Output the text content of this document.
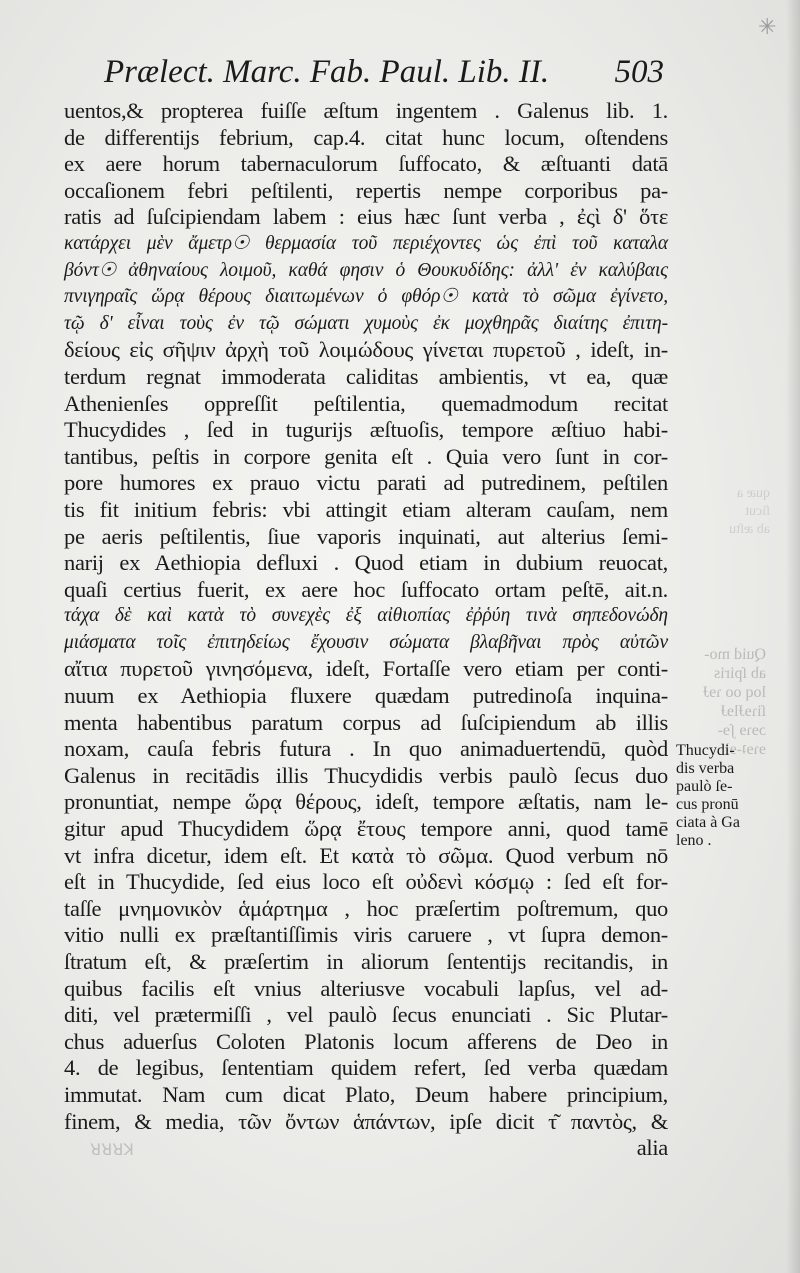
✳
Prælect. Marc. Fab. Paul. Lib. II. 503
uentos,& propterea fuiſſe æſtum ingentem . Galenus lib. 1.
de differentijs febrium, cap.4. citat hunc locum, oſtendens
ex aere horum tabernaculorum ſuffocato, & æſtuanti datā
occaſionem febri peſtilenti, repertis nempe corporibus pa-
ratis ad ſuſcipiendam labem : eius hæc ſunt verba , ἐςὶ δ' ὅτε
κατάρχει μὲν ἄμετρ☉ θερμασία τοῦ περιέχοντες ὡς ἐπὶ τοῦ καταλα
βόντ☉ ἀθηναίους λοιμοῦ, καθά φησιν ὁ Θουκυδίδης: ἀλλ' ἐν καλύβαις
πνιγηραῖς ὥρᾳ θέρους διαιτωμένων ὁ φθόρ☉ κατὰ τὸ σῶμα ἐγίνετο,
τῷ δ' εἶναι τοὺς ἐν τῷ σώματι χυμοὺς ἐκ μοχθηρᾶς διαίτης ἐπιτη-
δείους εἰς σῆψιν ἀρχὴ τοῦ λοιμώδους γίνεται πυρετοῦ , ideſt, in-
terdum regnat immoderata caliditas ambientis, vt ea, quæ
Athenienſes oppreſſit peſtilentia, quemadmodum recitat
Thucydides , ſed in tugurijs æſtuoſis, tempore æſtiuo habi-
tantibus, peſtis in corpore genita eſt . Quia vero ſunt in cor-
pore humores ex prauo victu parati ad putredinem, peſtilen
tis fit initium febris: vbi attingit etiam alteram cauſam, nem
pe aeris peſtilentis, ſiue vaporis inquinati, aut alterius ſemi-
narij ex Aethiopia defluxi . Quod etiam in dubium reuocat,
quaſi certius fuerit, ex aere hoc ſuffocato ortam peſtē, ait.n.
τάχα δὲ καὶ κατὰ τὸ συνεχὲς ἐξ αἰθιοπίας ἐῤῥύη τινὰ σηπεδονώδη
μιάσματα τοῖς ἐπιτηδείως ἔχουσιν σώματα βλαβῆναι πρὸς αὐτῶν
αἴτια πυρετοῦ γινησόμενα, ideſt, Fortaſſe vero etiam per conti-
nuum ex Aethiopia fluxere quædam putredinoſa inquina-
menta habentibus paratum corpus ad ſuſcipiendum ab illis
noxam, cauſa febris futura . In quo animaduertendū, quòd
Galenus in recitādis illis Thucydidis verbis paulò ſecus duo
pronuntiat, nempe ὥρᾳ θέρους, ideſt, tempore æſtatis, nam le-
gitur apud Thucydidem ὥρᾳ ἔτους tempore anni, quod tamē
vt infra dicetur, idem eſt. Et κατὰ τὸ σῶμα. Quod verbum nō
eſt in Thucydide, ſed eius loco eſt οὐδενὶ κόσμῳ : ſed eſt for-
taſſe μνημονικὸν ἁμάρτημα , hoc præſertim poſtremum, quo
vitio nulli ex præſtantiſſimis viris caruere , vt ſupra demon-
ſtratum eſt, & præſertim in aliorum ſententijs recitandis, in
quibus facilis eſt vnius alteriusve vocabuli lapſus, vel ad-
diti, vel prætermiſſi , vel paulò ſecus enunciati . Sic Plutar-
chus aduerſus Coloten Platonis locum afferens de Deo in
4. de legibus, ſententiam quidem refert, ſed verba quædam
immutat. Nam cum dicat Plato, Deum habere principium,
finem, & media, τῶν ὄντων ἁπάντων, ipſe dicit τ͂ παντὸς, &
alia
quæ a
ſicut
ab æſtu
Quid mo-
ab ſpiris
loq oo ɿɘɈ
ſiɿɘɈlɘɈ
ɔɘɿɘ ʃɘ-
ɘɿɘʇ-ɘl
Thucydi-
dis verba
paulò ſe-
cus pronū
ciata à Ga
leno .
ꓤꓤꓤꓘ
